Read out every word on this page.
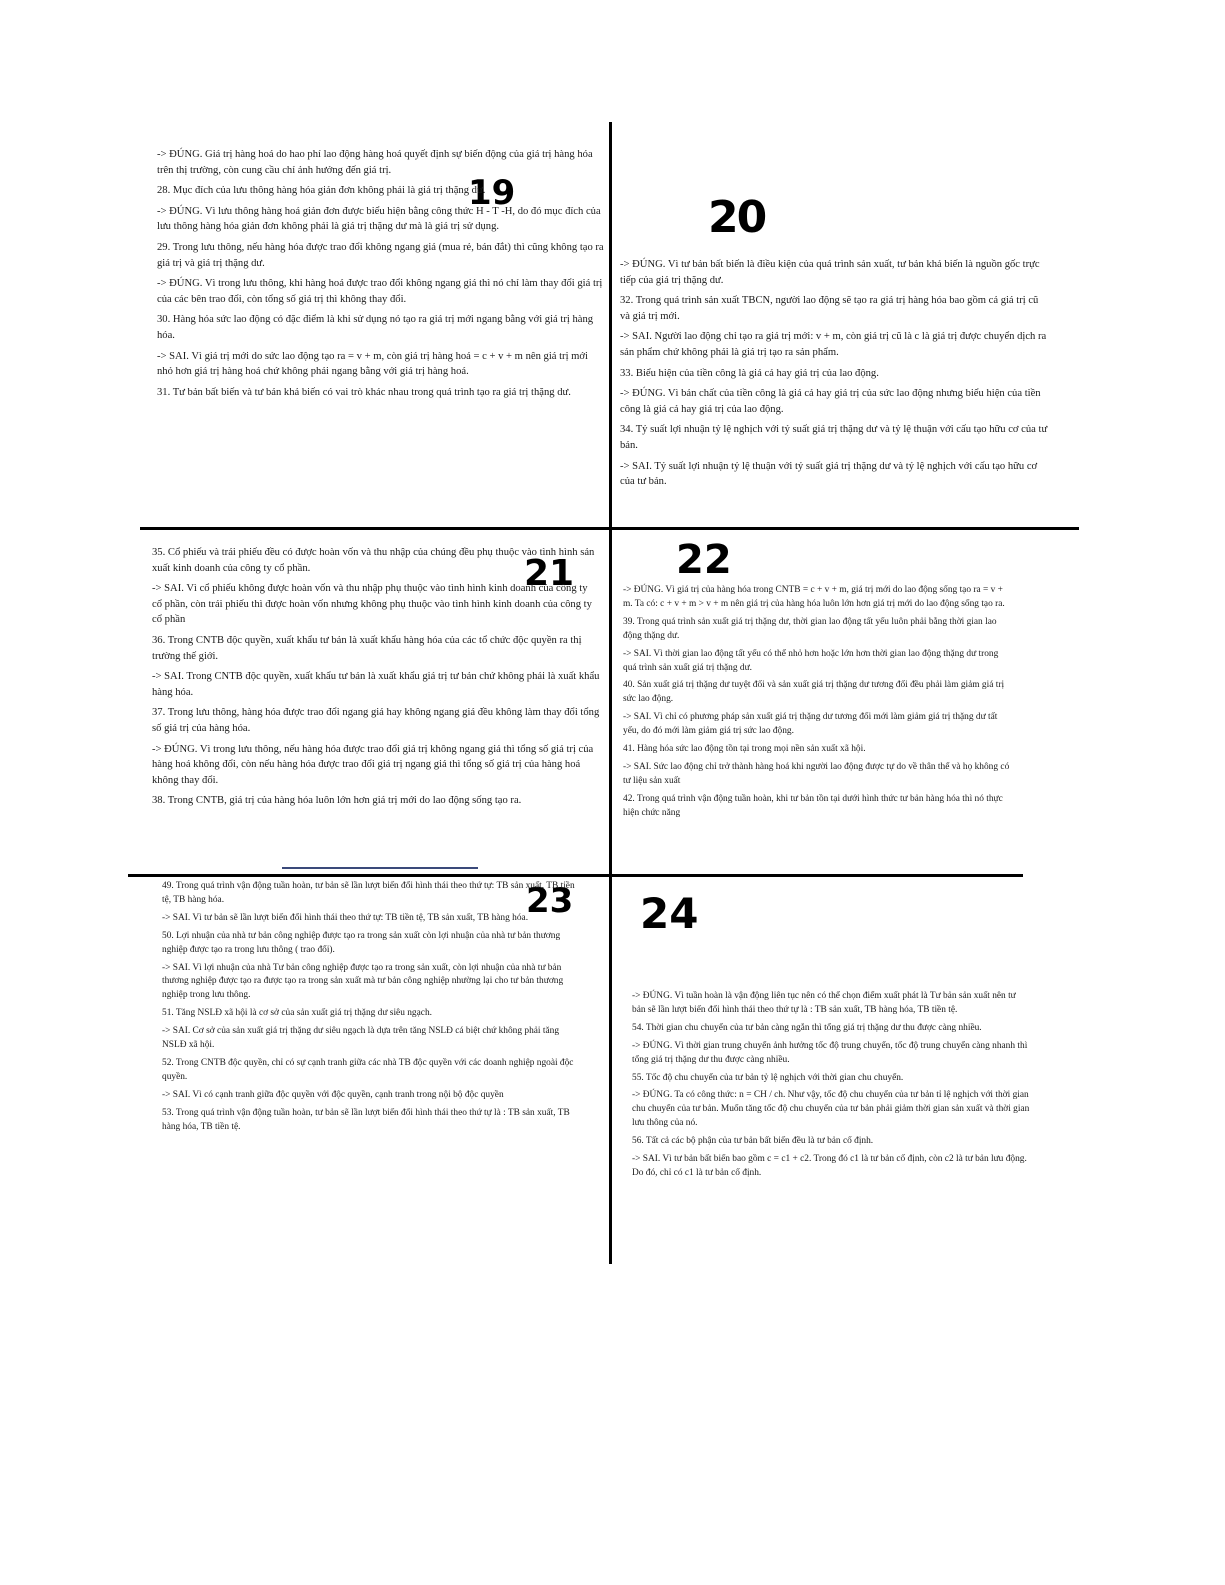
19	20
21	22
23 24

-> ĐÚNG. Giá trị hàng hoá do hao phí lao động hàng hoá quyết định sự biến động của giá trị hàng hóa trên thị trường, còn cung cầu chỉ ảnh hưởng đến giá trị.

28. Mục đích của lưu thông hàng hóa giản đơn không phải là giá trị thặng dư.

-> ĐÚNG. Vì lưu thông hàng hoá giản đơn được biểu hiện bằng công thức H - T -H, do đó mục đích của lưu thông hàng hóa giản đơn không phải là giá trị thặng dư mà là giá trị sử dụng.

29. Trong lưu thông, nếu hàng hóa được trao đổi không ngang giá (mua rẻ, bán đắt) thì cũng không tạo ra giá trị và giá trị thặng dư.

-> ĐÚNG. Vì trong lưu thông, khi hàng hoá được trao đổi không ngang giá thì nó chỉ làm thay đổi giá trị của các bên trao đổi, còn tổng số giá trị thì không thay đổi.

30. Hàng hóa sức lao động có đặc điểm là khi sử dụng nó tạo ra giá trị mới ngang bằng với giá trị hàng hóa.

-> SAI. Vì giá trị mới do sức lao động tạo ra = v + m, còn giá trị hàng hoá = c + v + m nên giá trị mới nhỏ hơn giá trị hàng hoá chứ không phải ngang bằng với giá trị hàng hoá.

31. Tư bản bất biến và tư bản khả biến có vai trò khác nhau trong quá trình tạo ra giá trị thặng dư.

-> ĐÚNG. Vì tư bản bất biến là điều kiện của quá trình sản xuất, tư bản khả biến là nguồn gốc trực tiếp của giá trị thặng dư.

32. Trong quá trình sản xuất TBCN, người lao động sẽ tạo ra giá trị hàng hóa bao gồm cả giá trị cũ và giá trị mới.

-> SAI. Người lao động chỉ tạo ra giá trị mới: v + m, còn giá trị cũ là c là giá trị được chuyển dịch ra sản phẩm chứ không phải là giá trị tạo ra sản phẩm.

33. Biểu hiện của tiền công là giá cả hay giá trị của lao động.

-> ĐÚNG. Vì bản chất của tiền công là giá cả hay giá trị của sức lao động nhưng biểu hiện của tiền công là giá cả hay giá trị của lao động.

34. Tỷ suất lợi nhuận tỷ lệ nghịch với tỷ suất giá trị thặng dư và tỷ lệ thuận với cấu tạo hữu cơ của tư bản.

-> SAI. Tỷ suất lợi nhuận tỷ lệ thuận với tỷ suất giá trị thặng dư và tỷ lệ nghịch với cấu tạo hữu cơ của tư bản.

35. Cổ phiếu và trái phiếu đều có được hoàn vốn và thu nhập của chúng đều phụ thuộc vào tình hình sản xuất kinh doanh của công ty cổ phần.

-> SAI. Vì cổ phiếu không được hoàn vốn và thu nhập phụ thuộc vào tình hình kinh doanh của công ty cổ phần, còn trái phiếu thì được hoàn vốn nhưng không phụ thuộc vào tình hình kinh doanh của công ty cổ phần

36. Trong CNTB độc quyền, xuất khẩu tư bản là xuất khẩu hàng hóa của các tổ chức độc quyền ra thị trường thế giới.

-> SAI. Trong CNTB độc quyền, xuất khẩu tư bản là xuất khẩu giá trị tư bản chứ không phải là xuất khẩu hàng hóa.

37. Trong lưu thông, hàng hóa được trao đổi ngang giá hay không ngang giá đều không làm thay đổi tổng số giá trị của hàng hóa.

-> ĐÚNG. Vì trong lưu thông, nếu hàng hóa được trao đổi giá trị không ngang giá thì tổng số giá trị của hàng hoá không đổi, còn nếu hàng hóa được trao đổi giá trị ngang giá thì tổng số giá trị của hàng hoá không thay đổi.

38. Trong CNTB, giá trị của hàng hóa luôn lớn hơn giá trị mới do lao động sống tạo ra.

-> ĐÚNG. Vì giá trị của hàng hóa trong CNTB = c + v + m, giá trị mới do lao động sống tạo ra = v + m. Ta có: c + v + m > v + m nên giá trị của hàng hóa luôn lớn hơn giá trị mới do lao động sống tạo ra.

39. Trong quá trình sản xuất giá trị thặng dư, thời gian lao động tất yếu luôn phải bằng thời gian lao động thặng dư.

-> SAI. Vì thời gian lao động tất yếu có thể nhỏ hơn hoặc lớn hơn thời gian lao động thặng dư trong quá trình sản xuất giá trị thặng dư.

40. Sản xuất giá trị thặng dư tuyệt đối và sản xuất giá trị thặng dư tương đối đều phải làm giảm giá trị sức lao động.

-> SAI. Vì chỉ có phương pháp sản xuất giá trị thặng dư tương đối mới làm giảm giá trị thặng dư tất yếu, do đó mới làm giảm giá trị sức lao động.

41. Hàng hóa sức lao động tồn tại trong mọi nền sản xuất xã hội.

-> SAI. Sức lao động chỉ trở thành hàng hoá khi người lao động được tự do về thân thể và họ không có tư liệu sản xuất

42. Trong quá trình vận động tuần hoàn, khi tư bản tồn tại dưới hình thức tư bản hàng hóa thì nó thực hiện chức năng

49. Trong quá trình vận động tuần hoàn, tư bản sẽ lần lượt biến đổi hình thái theo thứ tự: TB sản xuất, TB tiền tệ, TB hàng hóa.

-> SAI. Vì tư bản sẽ lần lượt biến đổi hình thái theo thứ tự: TB tiền tệ, TB sản xuất, TB hàng hóa.

50. Lợi nhuận của nhà tư bản công nghiệp được tạo ra trong sản xuất còn lợi nhuận của nhà tư bản thương nghiệp được tạo ra trong lưu thông ( trao đổi).

-> SAI. Vì lợi nhuận của nhà Tư bản công nghiệp được tạo ra trong sản xuất, còn lợi nhuận của nhà tư bản thương nghiệp được tạo ra được tạo ra trong sản xuất mà tư bản công nghiệp nhường lại cho tư bản thương nghiệp trong lưu thông.

51. Tăng NSLĐ xã hội là cơ sở của sản xuất giá trị thặng dư siêu ngạch.

-> SAI. Cơ sở của sản xuất giá trị thặng dư siêu ngạch là dựa trên tăng NSLĐ cá biệt chứ không phải tăng NSLĐ xã hội.

52. Trong CNTB độc quyền, chỉ có sự cạnh tranh giữa các nhà TB độc quyền với các doanh nghiệp ngoài độc quyền.

-> SAI. Vì có cạnh tranh giữa độc quyền với độc quyền, cạnh tranh trong nội bộ độc quyền

53. Trong quá trình vận động tuần hoàn, tư bản sẽ lần lượt biến đổi hình thái theo thứ tự là : TB sản xuất, TB hàng hóa, TB tiền tệ.

-> ĐÚNG. Vì tuần hoàn là vận động liên tục nên có thể chọn điểm xuất phát là Tư bản sản xuất nên tư bản sẽ lần lượt biến đổi hình thái theo thứ tự là : TB sản xuất, TB hàng hóa, TB tiền tệ.

54. Thời gian chu chuyển của tư bản càng ngắn thì tổng giá trị thặng dư thu được càng nhiều.

-> ĐÚNG. Vì thời gian trung chuyển ảnh hưởng tốc độ trung chuyển, tốc độ trung chuyển càng nhanh thì tổng giá trị thặng dư thu được càng nhiều.

55. Tốc độ chu chuyển của tư bản tỷ lệ nghịch với thời gian chu chuyển.

-> ĐÚNG. Ta có công thức: n = CH / ch. Như vậy, tốc độ chu chuyển của tư bản tỉ lệ nghịch với thời gian chu chuyển của tư bản. Muốn tăng tốc độ chu chuyển của tư bản phải giảm thời gian sản xuất và thời gian lưu thông của nó.

56. Tất cả các bộ phận của tư bản bất biến đều là tư bản cố định.

-> SAI. Vì tư bản bất biến bao gồm c = c1 + c2. Trong đó c1 là tư bản cố định, còn c2 là tư bản lưu động. Do đó, chỉ có c1 là tư bản cố định.
